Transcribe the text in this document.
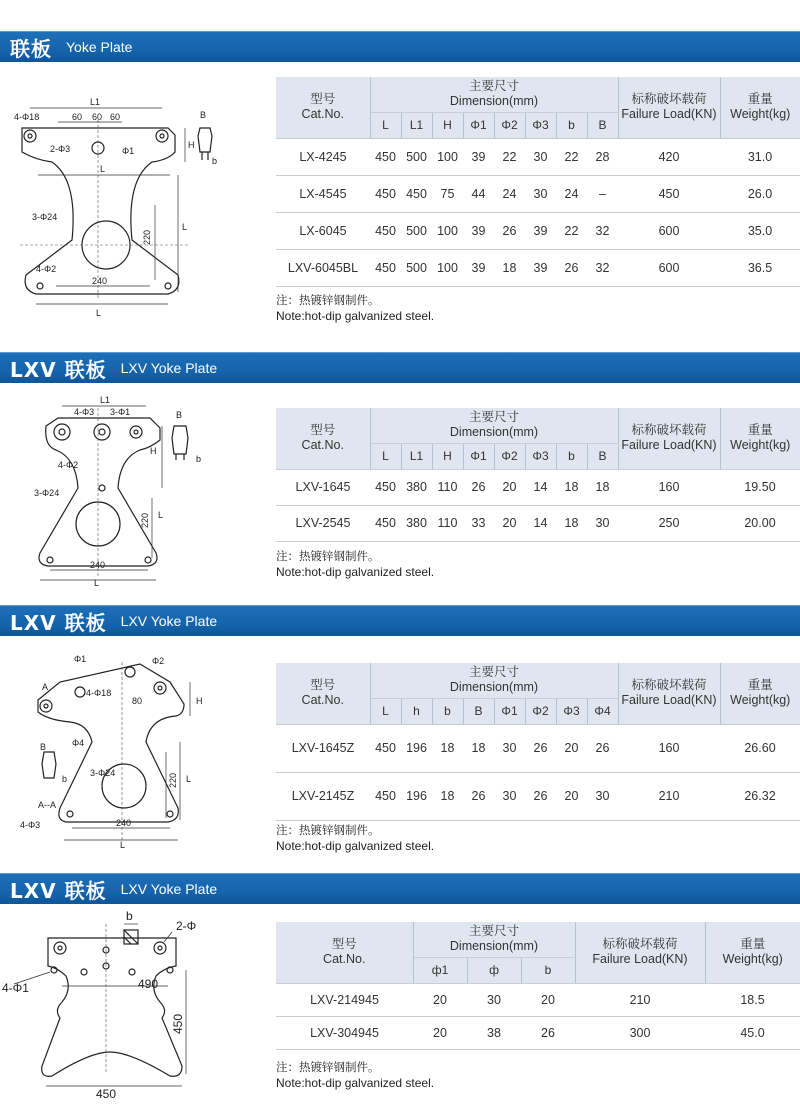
联板 Yoke Plate
L1
4-Φ18	60 60 60
2-Φ3	Φ1
B
H
b
L
3-Φ24
220
L
4-Φ2
240
L
型号
Cat.No.	主要尺寸
Dimension(mm)								标称破坏载荷
Failure Load(KN)	重量
Weight(kg)
	L	L1	H	Φ1	Φ2	Φ3	b	B		
LX-4245	450	500	100	39	22	30	22	28	420	31.0
LX-4545	450	450	75	44	24	30	24	–	450	26.0
LX-6045	450	500	100	39	26	39	22	32	600	35.0
LXV-6045BL	450	500	100	39	18	39	26	32	600	36.5
注：热镀锌钢制件。
Note:hot-dip galvanized steel.
LXV 联板 LXV Yoke Plate
L1
4-Φ3 3-Φ1	B
4-Φ2
H
b
3-Φ24
220 L
240
L
型号
Cat.No.	主要尺寸
Dimension(mm)								标称破坏载荷
Failure Load(KN)	重量
Weight(kg)
	L	L1	H	Φ1	Φ2	Φ3	b	B		
LXV-1645	450	380	110	26	20	14	18	18	160	19.50
LXV-2545	450	380	110	33	20	14	18	30	250	20.00
注：热镀锌钢制件。
Note:hot-dip galvanized steel.
LXV 联板 LXV Yoke Plate
Φ1	Φ2
A
4-Φ18
80	H
Φ4
B
3-Φ24
b
A--A
220 L
4-Φ3	240
L
型号
Cat.No.	主要尺寸
Dimension(mm)								标称破坏载荷
Failure Load(KN)	重量
Weight(kg)
	L	h	b	B	Φ1	Φ2	Φ3	Φ4		
LXV-1645Z	450	196	18	18	30	26	20	26	160	26.60
LXV-2145Z	450	196	18	26	30	26	20	30	210	26.32
注：热镀锌钢制件。
Note:hot-dip galvanized steel.
LXV 联板 LXV Yoke Plate
b
2-Φ
4-Φ1	490
450
450
型号
Cat.No.	主要尺寸
Dimension(mm)			标称破坏载荷
Failure Load(KN)	重量
Weight(kg)
	ф1	ф	b		
LXV-214945	20	30	20	210	18.5
LXV-304945	20	38	26	300	45.0
注：热镀锌钢制件。
Note:hot-dip galvanized steel.
